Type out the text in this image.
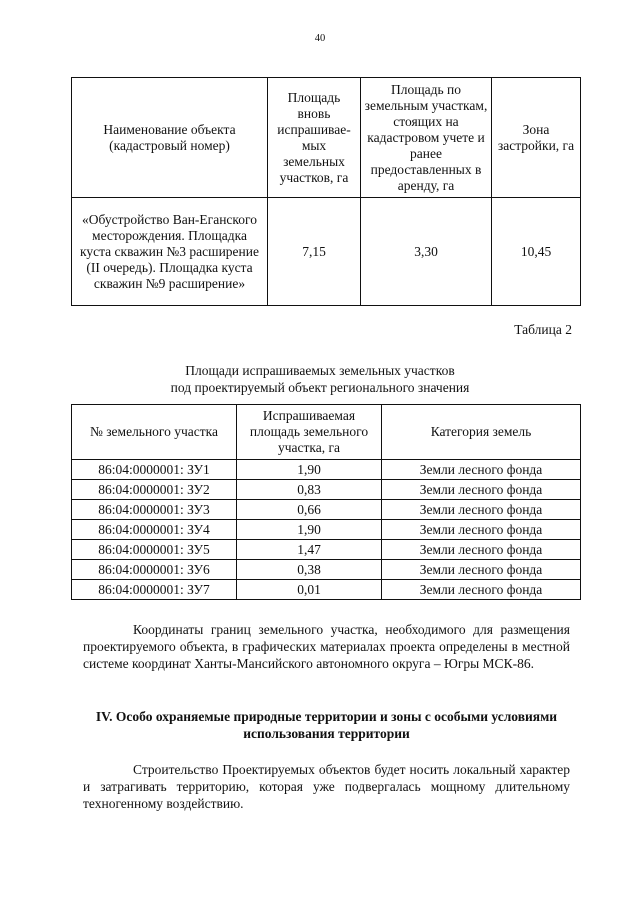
40
Наименование объекта (кадастровый номер)	Площадь вновь испрашивае-мых земельных участков, га	Площадь по земельным участкам, стоящих на кадастровом учете и ранее предоставленных в аренду, га	Зона застройки, га
«Обустройство Ван-Еганского месторождения. Площадка куста скважин №3 расширение (II очередь). Площадка куста скважин №9 расширение»	7,15	3,30	10,45
Таблица 2
Площади испрашиваемых земельных участков
под проектируемый объект регионального значения
№ земельного участка	Испрашиваемая площадь земельного участка, га	Категория земель
86:04:0000001: ЗУ1	1,90	Земли лесного фонда
86:04:0000001: ЗУ2	0,83	Земли лесного фонда
86:04:0000001: ЗУ3	0,66	Земли лесного фонда
86:04:0000001: ЗУ4	1,90	Земли лесного фонда
86:04:0000001: ЗУ5	1,47	Земли лесного фонда
86:04:0000001: ЗУ6	0,38	Земли лесного фонда
86:04:0000001: ЗУ7	0,01	Земли лесного фонда
Координаты границ земельного участка, необходимого для размещения проектируемого объекта, в графических материалах проекта определены в местной системе координат Ханты-Мансийского автономного округа – Югры МСК-86.
IV. Особо охраняемые природные территории и зоны с особыми условиями использования территории
Строительство Проектируемых объектов будет носить локальный характер и затрагивать территорию, которая уже подвергалась мощному длительному техногенному воздействию.
